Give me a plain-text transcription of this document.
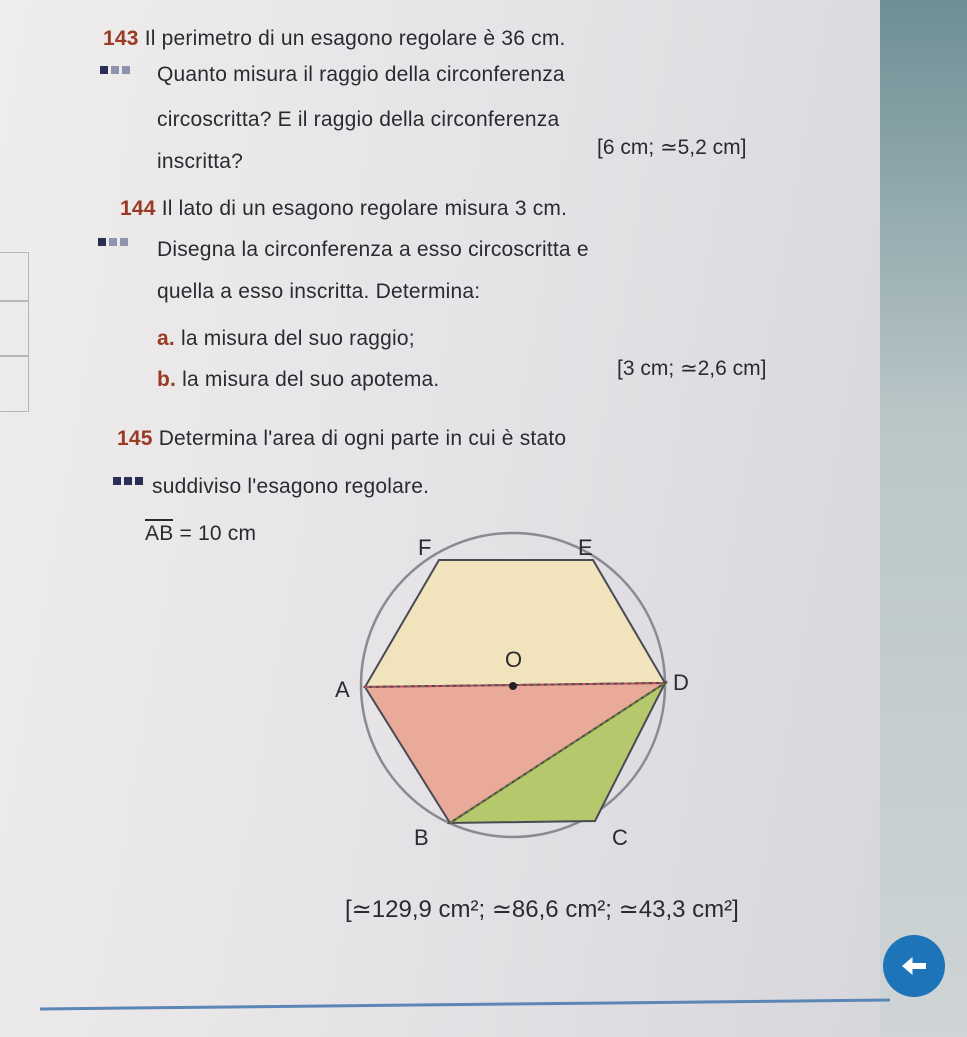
143 Il perimetro di un esagono regolare è 36 cm.
Quanto misura il raggio della circonferenza
circoscritta? E il raggio della circonferenza
inscritta?
[6 cm; ≃5,2 cm]
144 Il lato di un esagono regolare misura 3 cm.
Disegna la circonferenza a esso circoscritta e
quella a esso inscritta. Determina:
a. la misura del suo raggio;
b. la misura del suo apotema.	[3 cm; ≃2,6 cm]
145 Determina l'area di ogni parte in cui è stato
suddiviso l'esagono regolare.
AB = 10 cm
E
F
A	D
B	C
O
[≃129,9 cm²; ≃86,6 cm²; ≃43,3 cm²]
